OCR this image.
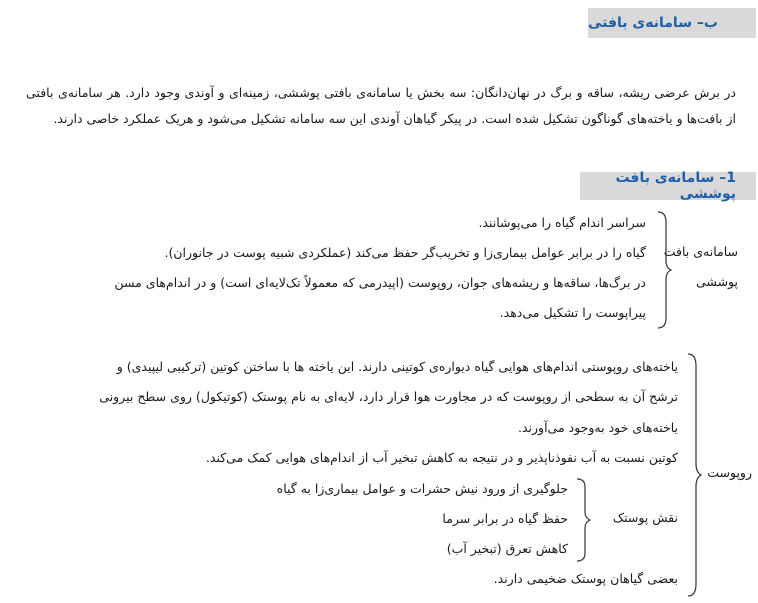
ب– سامانه‌ی بافتی
در برش عرضی ریشه، ساقه و برگ در نهان‌دانگان: سه بخش یا سامانه‌ی بافتی پوششی، زمینه‌ای و آوندی وجود دارد. هر سامانه‌ی بافتی از بافت‌ها و یاخته‌های گوناگون تشکیل شده است. در پیکر گیاهان آوندی این سه سامانه تشکیل می‌شود و هریک عملکرد خاصی دارند.
1– سامانه‌ی بافت پوششی
سامانه‌ی بافت
پوششی
سراسر اندام گیاه را می‌پوشانند.
گیاه را در برابر عوامل بیماری‌زا و تخریب‌گر حفظ می‌کند (عملکردی شبیه پوست در جانوران).
در برگ‌ها، ساقه‌ها و ریشه‌های جوان، روپوست (اپیدرمی که معمولاً تک‌لایه‌ای است) و در اندام‌های مسن
پیراپوست را تشکیل می‌دهد.
روپوست
یاخته‌های روپوستی اندام‌های هوایی گیاه دیواره‌ی کوتینی دارند. این یاخته ها با ساختن کوتین (ترکیبی لیپیدی) و
ترشح آن به سطحی از روپوست که در مجاورت هوا قرار دارد، لایه‌ای به نام پوستک (کوتیکول) روی سطح بیرونی
یاخته‌های خود به‌وجود می‌آورند.
کوتین نسبت به آب نفوذناپذیر و در نتیجه به کاهش تبخیر آب از اندام‌های هوایی کمک می‌کند.
نقش پوستک
جلوگیری از ورود نیش حشرات و عوامل بیماری‌زا به گیاه
حفظ گیاه در برابر سرما
کاهش تعرق (تبخیر آب)
بعضی گیاهان پوستک ضخیمی دارند.
